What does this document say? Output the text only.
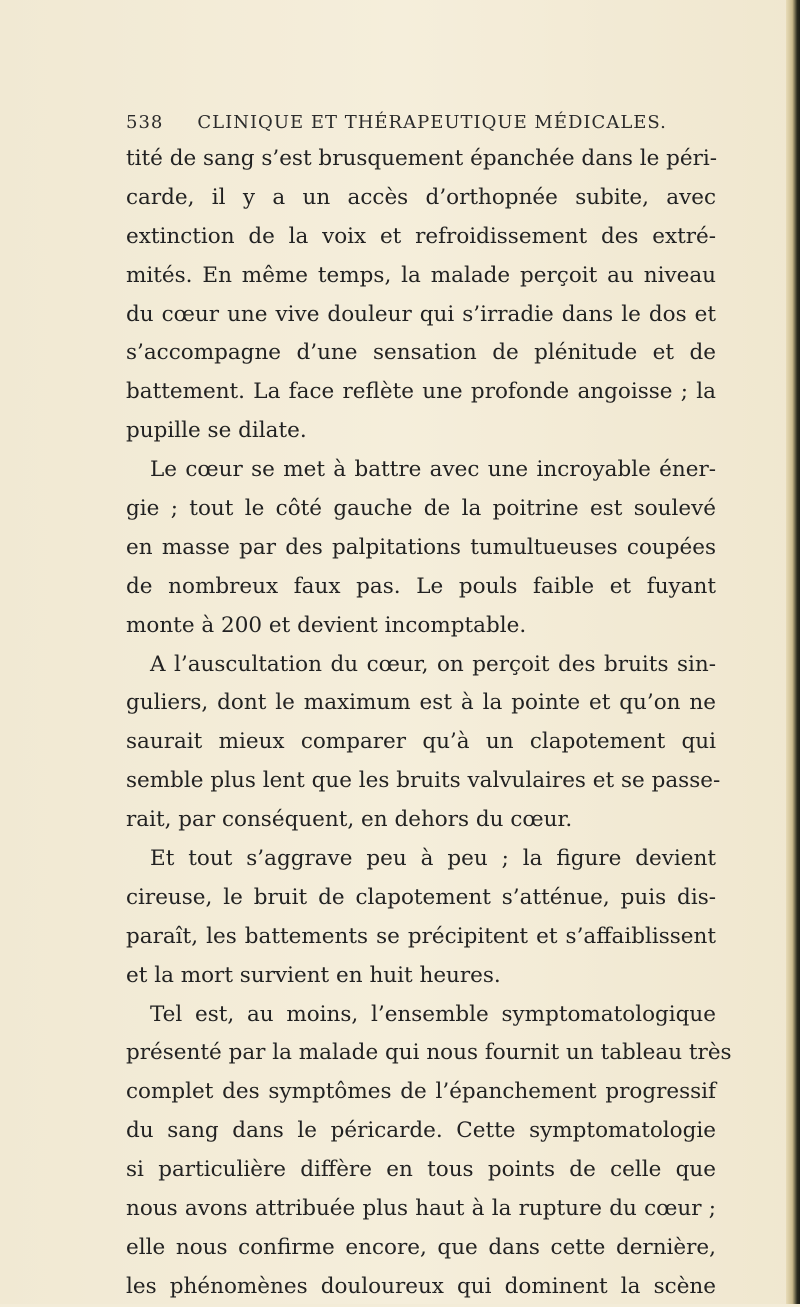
538 CLINIQUE ET THÉRAPEUTIQUE MÉDICALES.
tité de sang s’est brusquement épanchée dans le péri-
carde, il y a un accès d’orthopnée subite, avec
extinction de la voix et refroidissement des extré-
mités. En même temps, la malade perçoit au niveau
du cœur une vive douleur qui s’irradie dans le dos et
s’accompagne d’une sensation de plénitude et de
battement. La face reflète une profonde angoisse ; la
pupille se dilate.
Le cœur se met à battre avec une incroyable éner-
gie ; tout le côté gauche de la poitrine est soulevé
en masse par des palpitations tumultueuses coupées
de nombreux faux pas. Le pouls faible et fuyant
monte à 200 et devient incomptable.
A l’auscultation du cœur, on perçoit des bruits sin-
guliers, dont le maximum est à la pointe et qu’on ne
saurait mieux comparer qu’à un clapotement qui
semble plus lent que les bruits valvulaires et se passe-
rait, par conséquent, en dehors du cœur.
Et tout s’aggrave peu à peu ; la figure devient
cireuse, le bruit de clapotement s’atténue, puis dis-
paraît, les battements se précipitent et s’affaiblissent
et la mort survient en huit heures.
Tel est, au moins, l’ensemble symptomatologique
présenté par la malade qui nous fournit un tableau très
complet des symptômes de l’épanchement progressif
du sang dans le péricarde. Cette symptomatologie
si particulière diffère en tous points de celle que
nous avons attribuée plus haut à la rupture du cœur ;
elle nous confirme encore, que dans cette dernière,
les phénomènes douloureux qui dominent la scène
